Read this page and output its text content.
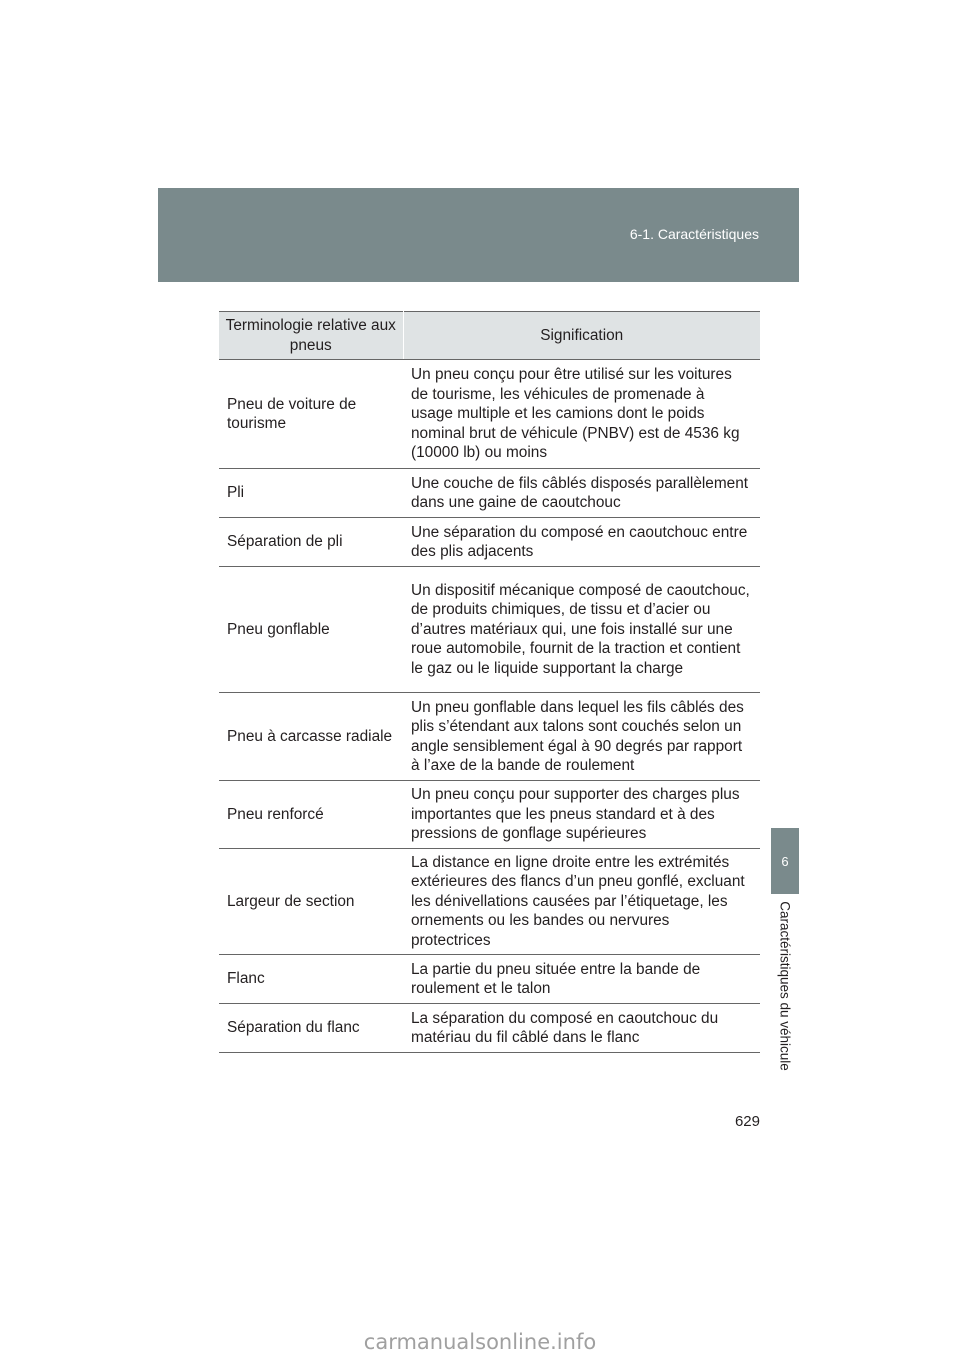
6-1. Caractéristiques
Terminologie relative aux pneus	Signification
Pneu de voiture de tourisme	Un pneu conçu pour être utilisé sur les voitures de tourisme, les véhicules de promenade à usage multiple et les camions dont le poids nominal brut de véhicule (PNBV) est de 4536 kg (10000 lb) ou moins
Pli	Une couche de fils câblés disposés parallèlement dans une gaine de caoutchouc
Séparation de pli	Une séparation du composé en caoutchouc entre des plis adjacents
Pneu gonflable	Un dispositif mécanique composé de caoutchouc, de produits chimiques, de tissu et d’acier ou d’autres matériaux qui, une fois installé sur une roue automobile, fournit de la traction et contient le gaz ou le liquide supportant la charge
Pneu à carcasse radiale	Un pneu gonflable dans lequel les fils câblés des plis s’étendant aux talons sont couchés selon un angle sensiblement égal à 90 degrés par rapport à l’axe de la bande de roulement
Pneu renforcé	Un pneu conçu pour supporter des charges plus importantes que les pneus standard et à des pressions de gonflage supérieures
Largeur de section	La distance en ligne droite entre les extrémités extérieures des flancs d’un pneu gonflé, excluant les dénivellations causées par l’étiquetage, les ornements ou les bandes ou nervures protectrices
Flanc	La partie du pneu située entre la bande de roulement et le talon
Séparation du flanc	La séparation du composé en caoutchouc du matériau du fil câblé dans le flanc
6
Caractéristiques du véhicule
629
carmanualsonline.info
